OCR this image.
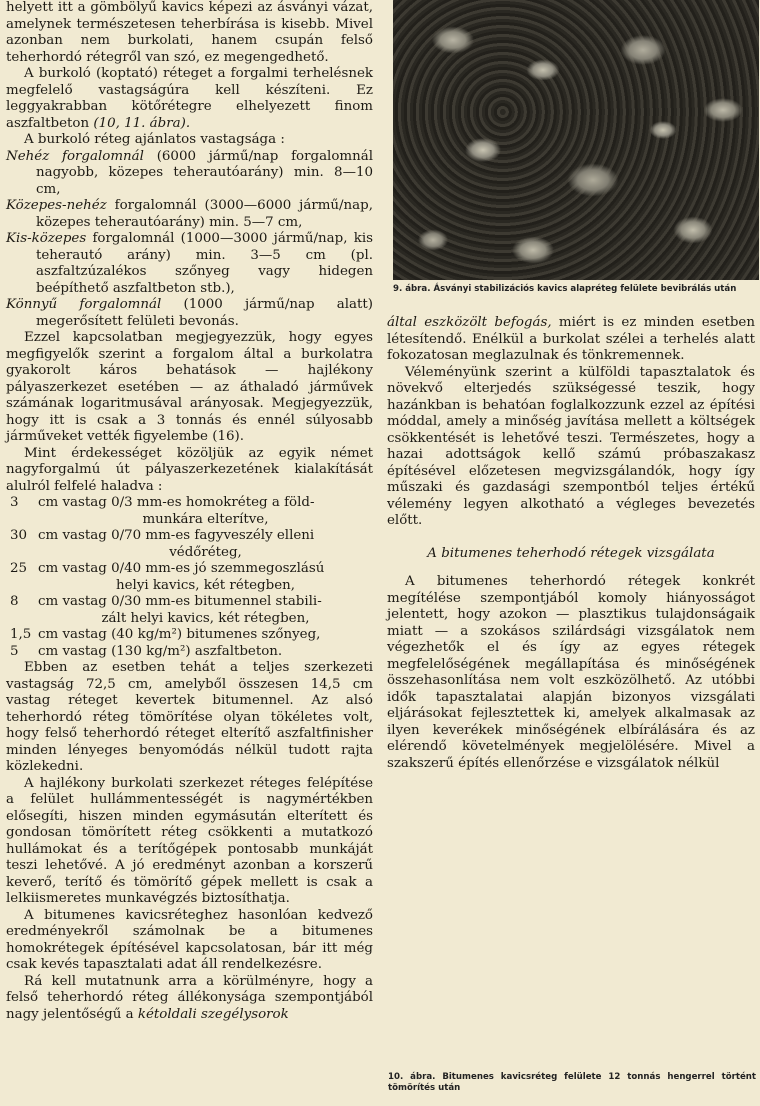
helyett itt a gömbölyű kavics képezi az ásványi vázat, amelynek természetesen teherbírása is kisebb. Mivel azonban nem burkolati, hanem csupán felső teherhordó rétegről van szó, ez megengedhető.

A burkoló (koptató) réteget a forgalmi terhelésnek megfelelő vastagságúra kell készíteni. Ez leggyakrabban kötőrétegre elhelyezett finom aszfaltbeton (10, 11. ábra).

A burkoló réteg ajánlatos vastagsága :

Nehéz forgalomnál (6000 jármű/nap forgalomnál nagyobb, közepes teherautóarány) min. 8—10 cm,

Közepes-nehéz forgalomnál (3000—6000 jármű/nap, közepes teherautóarány) min. 5—7 cm,

Kis-közepes forgalomnál (1000—3000 jármű/nap, kis teherautó arány) min. 3—5 cm (pl. aszfaltzúzalékos szőnyeg vagy hidegen beépíthető aszfaltbeton stb.),

Könnyű forgalomnál (1000 jármű/nap alatt) megerősített felületi bevonás.

Ezzel kapcsolatban megjegyezzük, hogy egyes megfigyelők szerint a forgalom által a burkolatra gyakorolt káros behatások — hajlékony pályaszerkezet esetében — az áthaladó járművek számának logaritmusával arányosak. Megjegyezzük, hogy itt is csak a 3 tonnás és ennél súlyosabb járműveket vették figyelembe (16).

Mint érdekességet közöljük az egyik német nagyforgalmú út pályaszerkezetének kialakítását alulról felfelé haladva :

3	cm vastag 0/3 mm-es homokréteg a föld-
munkára elterítve,
30 cm vastag 0/70 mm-es fagyveszély elleni
védőréteg,
25 cm vastag 0/40 mm-es jó szemmegoszlású
helyi kavics, két rétegben,
8	cm vastag 0/30 mm-es bitumennel stabili-
zált helyi kavics, két rétegben,
1,5 cm vastag (40 kg/m²) bitumenes szőnyeg,
5	cm vastag (130 kg/m²) aszfaltbeton.

Ebben az esetben tehát a teljes szerkezeti vastagság 72,5 cm, amelyből összesen 14,5 cm vastag réteget kevertek bitumennel. Az alsó teherhordó réteg tömörítése olyan tökéletes volt, hogy felső teherhordó réteget elterítő aszfaltfinisher minden lényeges benyomódás nélkül tudott rajta közlekedni.

A hajlékony burkolati szerkezet réteges felépítése a felület hullámmentességét is nagymértékben elősegíti, hiszen minden egymásután elterített és gondosan tömörített réteg csökkenti a mutatkozó hullámokat és a terítőgépek pontosabb munkáját teszi lehetővé. A jó eredményt azonban a korszerű keverő, terítő és tömörítő gépek mellett is csak a lelkiismeretes munkavégzés biztosíthatja.

A bitumenes kavicsréteghez hasonlóan kedvező eredményekről számolnak be a bitumenes homokrétegek építésével kapcsolatosan, bár itt még csak kevés tapasztalati adat áll rendelkezésre.

Rá kell mutatnunk arra a körülményre, hogy a felső teherhordó réteg állékonysága szempontjából nagy jelentőségű a kétoldali szegélysorok

9. ábra. Ásványi stabilizációs kavics alapréteg felülete bevibrálás után

által eszközölt befogás, miért is ez minden esetben létesítendő. Enélkül a burkolat szélei a terhelés alatt fokozatosan meglazulnak és tönkremennek.

Véleményünk szerint a külföldi tapasztalatok és növekvő elterjedés szükségessé teszik, hogy hazánkban is behatóan foglalkozzunk ezzel az építési móddal, amely a minőség javítása mellett a költségek csökkentését is lehetővé teszi. Természetes, hogy a hazai adottságok kellő számú próbaszakasz építésével előzetesen megvizsgálandók, hogy így műszaki és gazdasági szempontból teljes értékű vélemény legyen alkotható a végleges bevezetés előtt.

A bitumenes teherhodó rétegek vizsgálata

A bitumenes teherhordó rétegek konkrét megítélése szempontjából komoly hiányosságot jelentett, hogy azokon — plasztikus tulajdonságaik miatt — a szokásos szilárdsági vizsgálatok nem végezhetők el és így az egyes rétegek megfelelőségének megállapítása és minőségének összehasonlítása nem volt eszközölhető. Az utóbbi idők tapasztalatai alapján bizonyos vizsgálati eljárásokat fejlesztettek ki, amelyek alkalmasak az ilyen keverékek minőségének elbírálására és az elérendő követelmények megjelölésére. Mivel a szakszerű építés ellenőrzése e vizsgálatok nélkül

10. ábra. Bitumenes kavicsréteg felülete 12 tonnás hengerrel történt tömörítés után
